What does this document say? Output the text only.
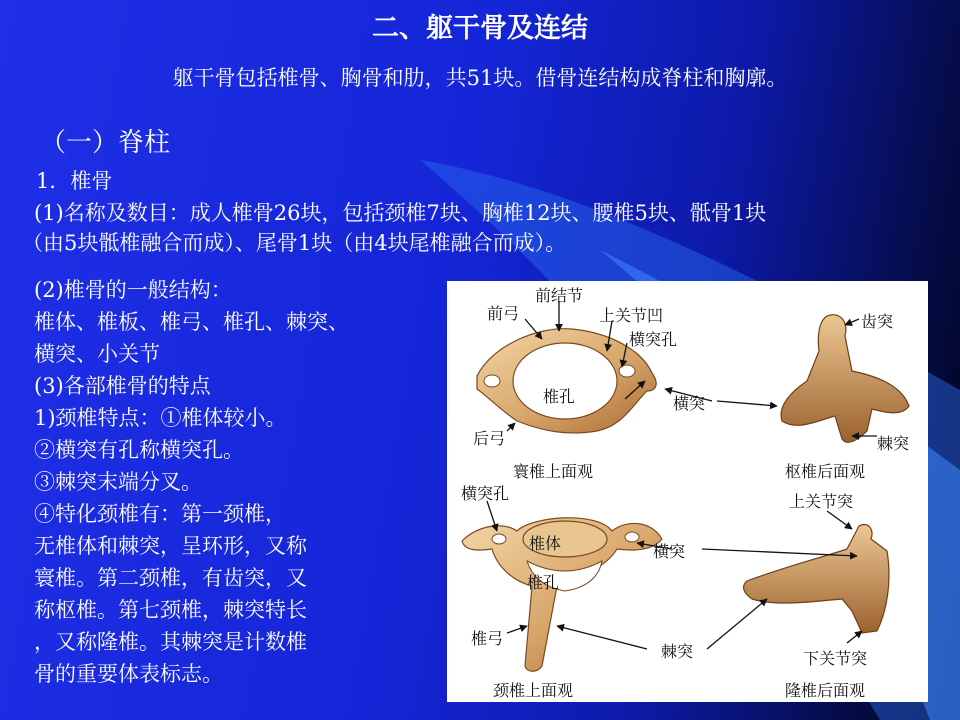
二、躯干骨及连结
躯干骨包括椎骨、胸骨和肋，共51块。借骨连结构成脊柱和胸廓。
（一）脊柱
1．椎骨
(1)名称及数目：成人椎骨26块，包括颈椎7块、胸椎12块、腰椎5块、骶骨1块
（由5块骶椎融合而成）、尾骨1块（由4块尾椎融合而成）。
(2)椎骨的一般结构：
椎体、椎板、椎弓、椎孔、棘突、
横突、小关节
(3)各部椎骨的特点
1)颈椎特点：①椎体较小。
②横突有孔称横突孔。
③棘突末端分叉。
④特化颈椎有：第一颈椎，
无椎体和棘突，呈环形，又称
寰椎。第二颈椎，有齿突，又
称枢椎。第七颈椎，棘突特长
，又称隆椎。其棘突是计数椎
骨的重要体表标志。
前弓
前结节
上关节凹
横突孔
椎孔	横突
齿突
棘突
后弓
寰椎上面观	枢椎后面观
横突孔	上关节突
椎体	横突
椎孔
椎弓
棘突	下关节突
颈椎上面观	隆椎后面观
